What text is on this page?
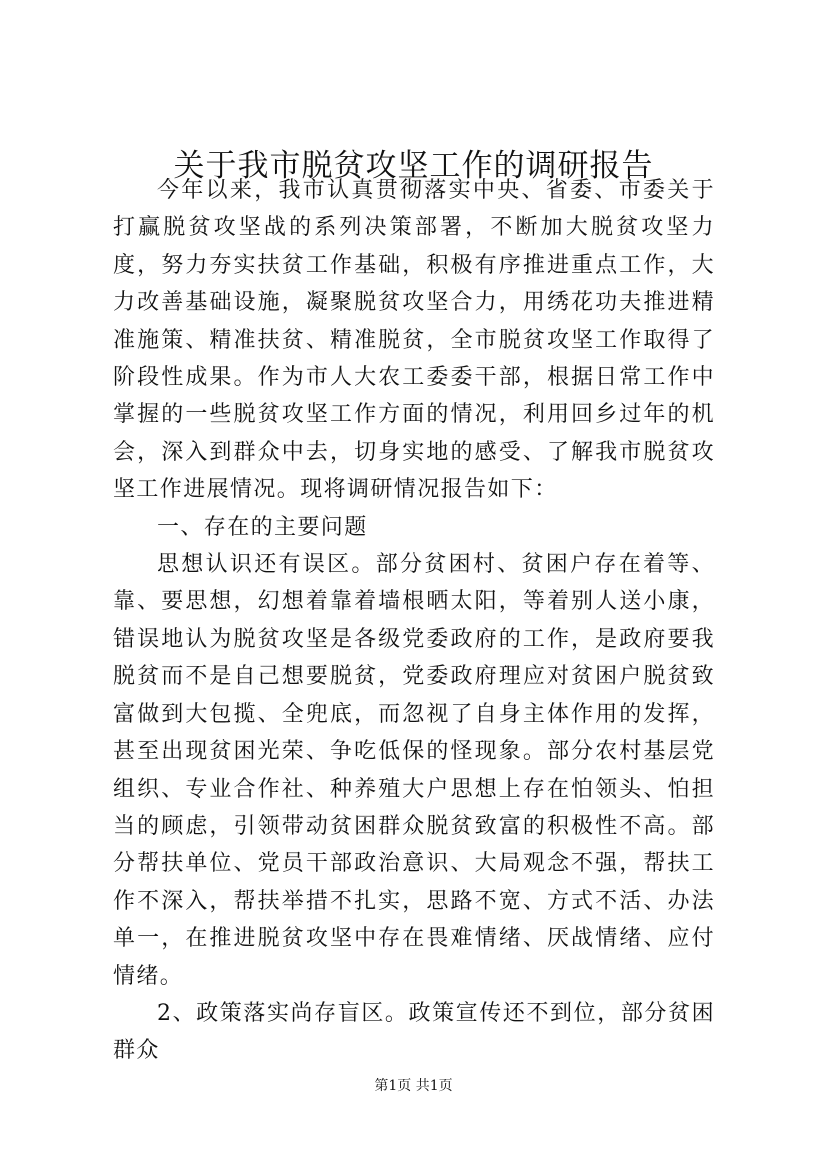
关于我市脱贫攻坚工作的调研报告

今年以来，我市认真贯彻落实中央、省委、市委关于打赢脱贫攻坚战的系列决策部署，不断加大脱贫攻坚力度，努力夯实扶贫工作基础，积极有序推进重点工作，大力改善基础设施，凝聚脱贫攻坚合力，用绣花功夫推进精准施策、精准扶贫、精准脱贫，全市脱贫攻坚工作取得了阶段性成果。作为市人大农工委委干部，根据日常工作中掌握的一些脱贫攻坚工作方面的情况，利用回乡过年的机会，深入到群众中去，切身实地的感受、了解我市脱贫攻坚工作进展情况。现将调研情况报告如下：

一、存在的主要问题

思想认识还有误区。部分贫困村、贫困户存在着等、靠、要思想，幻想着靠着墙根晒太阳，等着别人送小康，错误地认为脱贫攻坚是各级党委政府的工作，是政府要我脱贫而不是自己想要脱贫，党委政府理应对贫困户脱贫致富做到大包揽、全兜底，而忽视了自身主体作用的发挥，甚至出现贫困光荣、争吃低保的怪现象。部分农村基层党组织、专业合作社、种养殖大户思想上存在怕领头、怕担当的顾虑，引领带动贫困群众脱贫致富的积极性不高。部分帮扶单位、党员干部政治意识、大局观念不强，帮扶工作不深入，帮扶举措不扎实，思路不宽、方式不活、办法单一，在推进脱贫攻坚中存在畏难情绪、厌战情绪、应付情绪。

2、政策落实尚存盲区。政策宣传还不到位，部分贫困群众

第1页 共1页
